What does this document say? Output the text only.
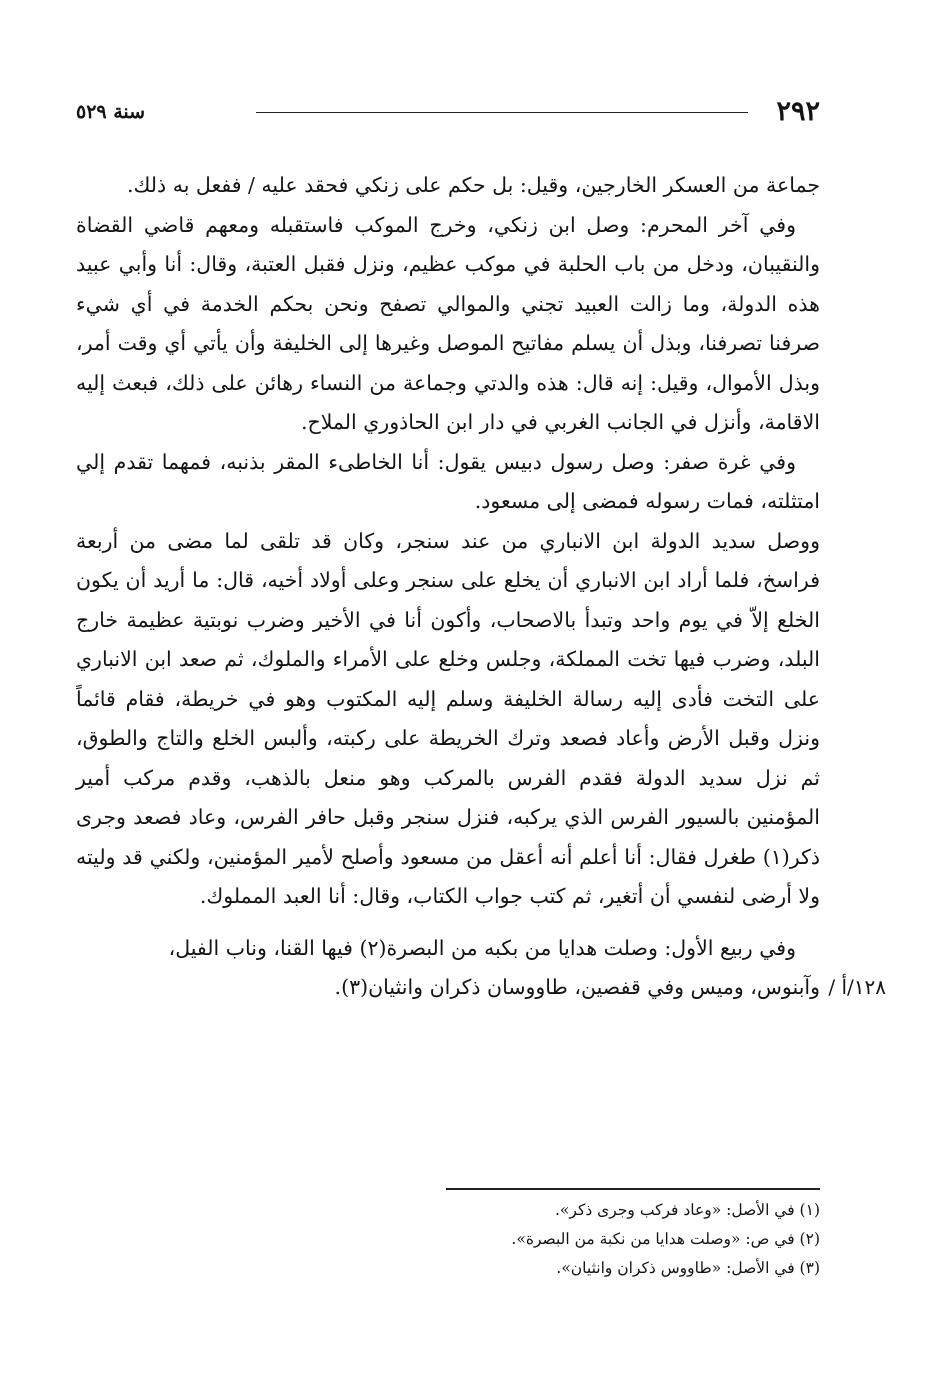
٢٩٢
سنة ٥٢٩

جماعة من العسكر الخارجين، وقيل: بل حكم على زنكي فحقد عليه / ففعل به ذلك.

وفي آخر المحرم: وصل ابن زنكي، وخرج الموكب فاستقبله ومعهم قاضي القضاة والنقيبان، ودخل من باب الحلبة في موكب عظيم، ونزل فقبل العتبة، وقال: أنا وأبي عبيد هذه الدولة، وما زالت العبيد تجني والموالي تصفح ونحن بحكم الخدمة في أي شيء صرفنا تصرفنا، وبذل أن يسلم مفاتيح الموصل وغيرها إلى الخليفة وأن يأتي أي وقت أمر، وبذل الأموال، وقيل: إنه قال: هذه والدتي وجماعة من النساء رهائن على ذلك، فبعث إليه الاقامة، وأنزل في الجانب الغربي في دار ابن الحاذوري الملاح.

وفي غرة صفر: وصل رسول دبيس يقول: أنا الخاطىء المقر بذنبه، فمهما تقدم إلي امتثلته، فمات رسوله فمضى إلى مسعود.

ووصل سديد الدولة ابن الانباري من عند سنجر، وكان قد تلقى لما مضى من أربعة فراسخ، فلما أراد ابن الانباري أن يخلع على سنجر وعلى أولاد أخيه، قال: ما أريد أن يكون الخلع إلاّ في يوم واحد وتبدأ بالاصحاب، وأكون أنا في الأخير وضرب نوبتية عظيمة خارج البلد، وضرب فيها تخت المملكة، وجلس وخلع على الأمراء والملوك، ثم صعد ابن الانباري على التخت فأدى إليه رسالة الخليفة وسلم إليه المكتوب وهو في خريطة، فقام قائماً ونزل وقبل الأرض وأعاد فصعد وترك الخريطة على ركبته، وألبس الخلع والتاج والطوق، ثم نزل سديد الدولة فقدم الفرس بالمركب وهو منعل بالذهب، وقدم مركب أمير المؤمنين بالسيور الفرس الذي يركبه، فنزل سنجر وقبل حافر الفرس، وعاد فصعد وجرى ذكر(١) طغرل فقال: أنا أعلم أنه أعقل من مسعود وأصلح لأمير المؤمنين، ولكني قد وليته ولا أرضى لنفسي أن أتغير، ثم كتب جواب الكتاب، وقال: أنا العبد المملوك.

وفي ربيع الأول: وصلت هدايا من بكبه من البصرة(٢) فيها القنا، وناب الفيل،

١٢٨/أ /
وآبنوس، وميس وفي قفصين، طاووسان ذكران وانثيان(٣).

(١) في الأصل: «وعاد فركب وجرى ذكر».
(٢) في ص: «وصلت هدايا من نكبة من البصرة».
(٣) في الأصل: «طاووس ذكران وانثيان».
